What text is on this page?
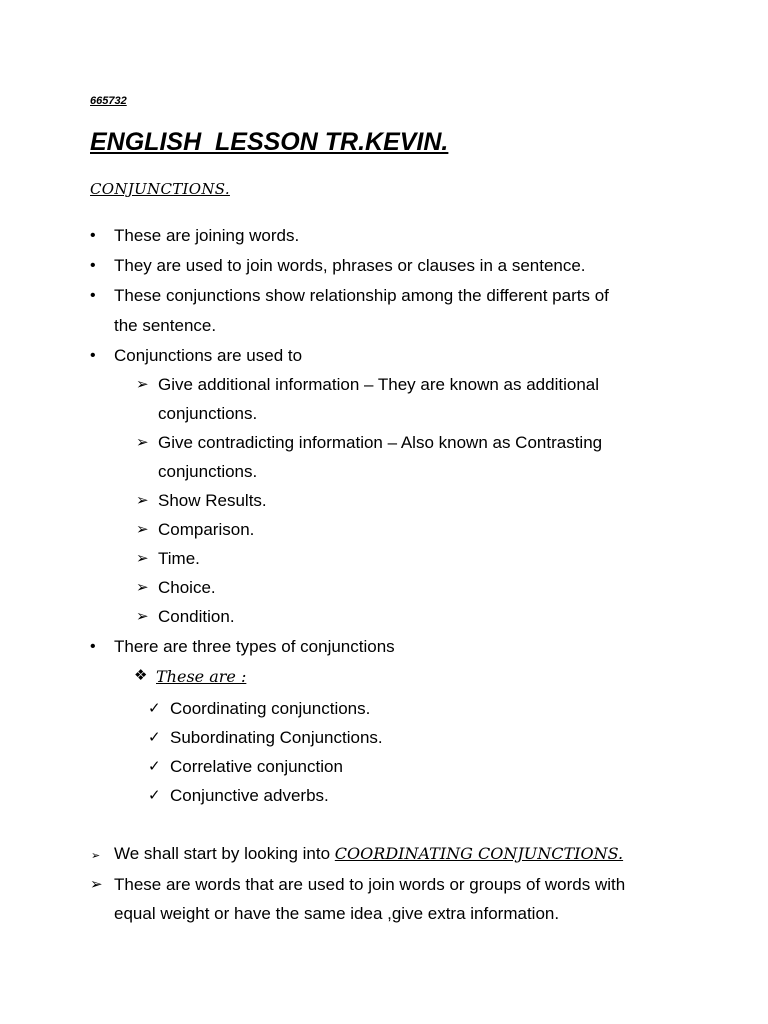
665732
ENGLISH  LESSON TR.KEVIN.
CONJUNCTIONS.
• These are joining words.
• They are used to join words, phrases or clauses in a sentence.
• These conjunctions show relationship among the different parts of
the sentence.
• Conjunctions are used to
➢ Give additional information – They are known as additional
conjunctions.
➢ Give contradicting information – Also known as Contrasting
conjunctions.
➢ Show Results.
➢ Comparison.
➢ Time.
➢ Choice.
➢ Condition.
• There are three types of conjunctions
❖ These are :
✓ Coordinating conjunctions.
✓ Subordinating Conjunctions.
✓ Correlative conjunction
✓ Conjunctive adverbs.
➢ We shall start by looking into COORDINATING CONJUNCTIONS.
➢ These are words that are used to join words or groups of words with
equal weight or have the same idea ,give extra information.
